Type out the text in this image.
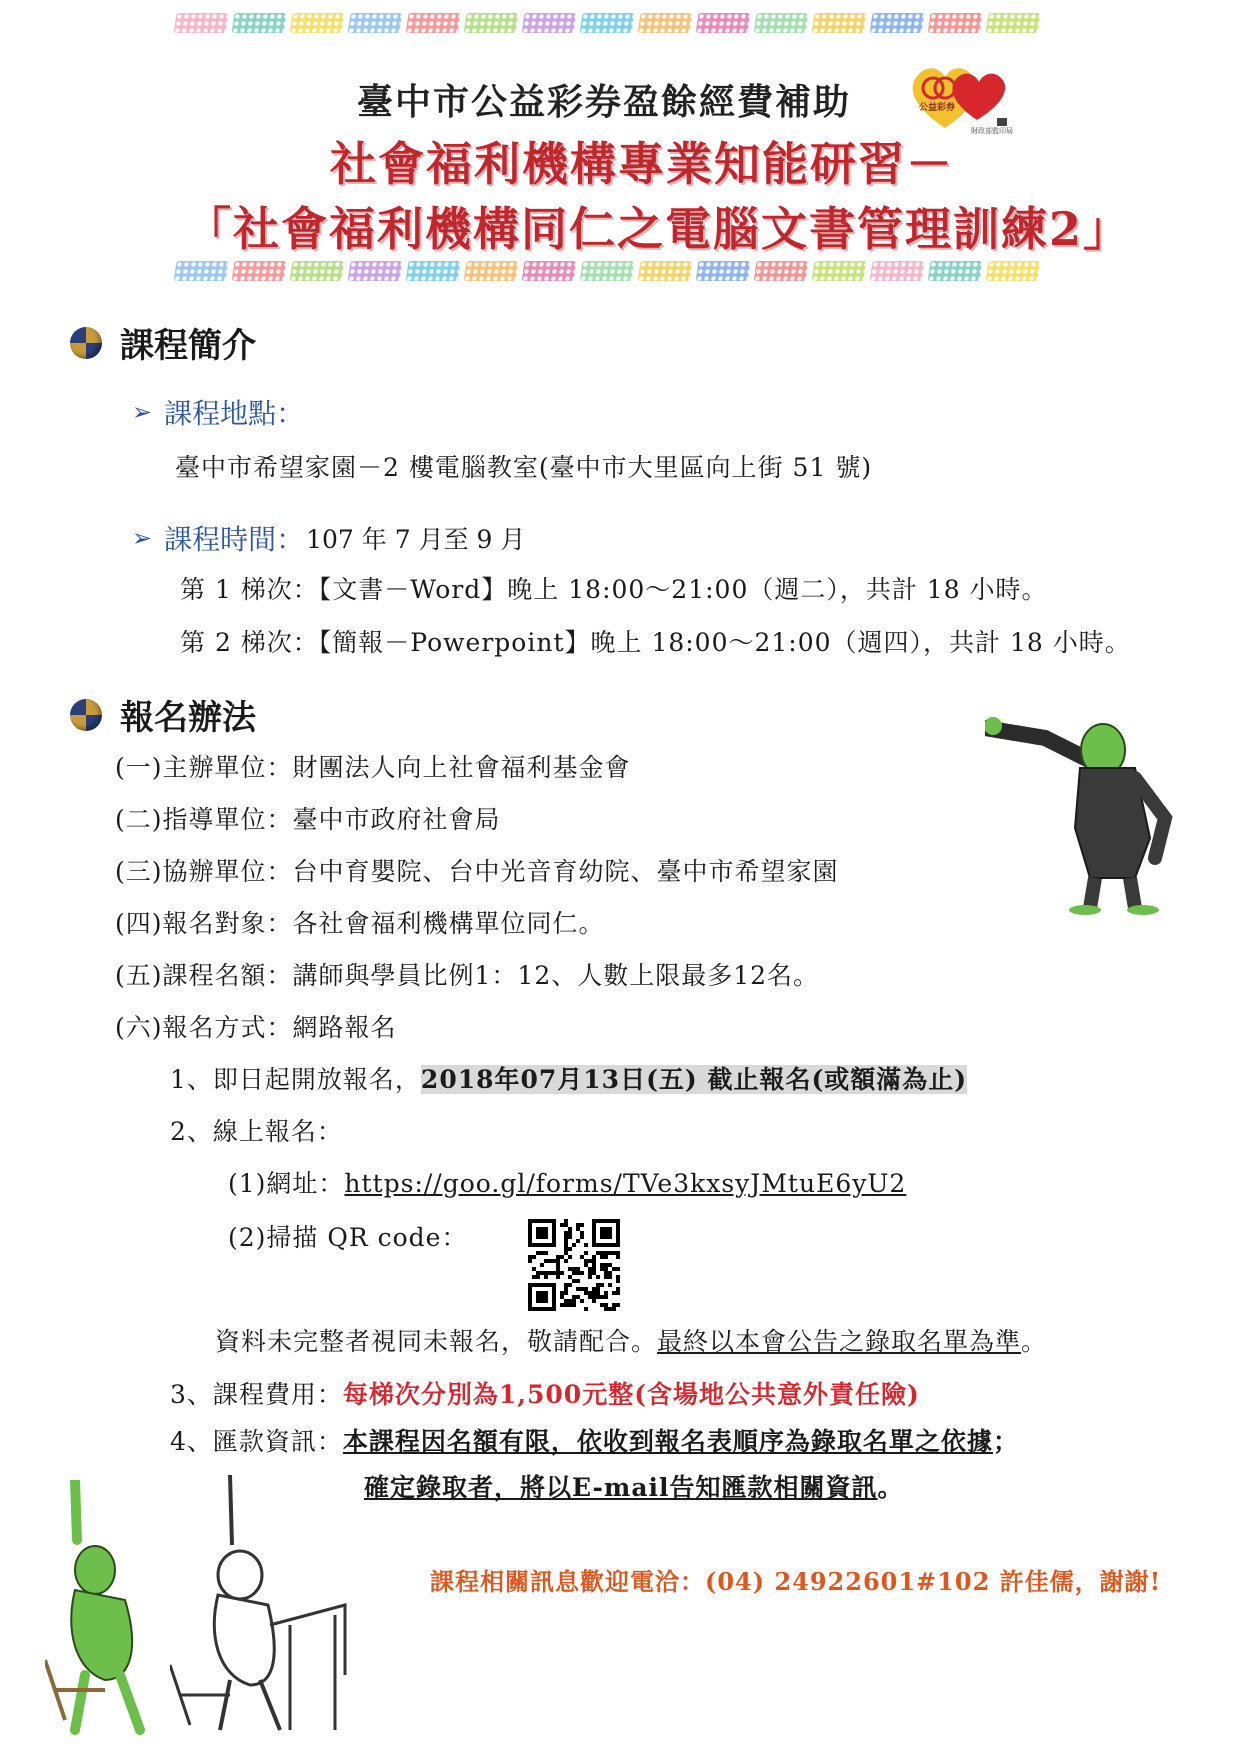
臺中市公益彩券盈餘經費補助	公益彩券
財政部監印局
社會福利機構專業知能研習－
「社會福利機構同仁之電腦文書管理訓練2」
課程簡介
➢ 課程地點：
臺中市希望家園－2 樓電腦教室(臺中市大里區向上街 51 號)
➢ 課程時間： 107 年 7 月至 9 月
第 1 梯次：【文書－Word】晚上 18:00～21:00（週二），共計 18 小時。
第 2 梯次：【簡報－Powerpoint】晚上 18:00～21:00（週四），共計 18 小時。
報名辦法
(一)主辦單位：財團法人向上社會福利基金會
(二)指導單位：臺中市政府社會局
(三)協辦單位：台中育嬰院、台中光音育幼院、臺中市希望家園
(四)報名對象：各社會福利機構單位同仁。
(五)課程名額：講師與學員比例1：12、人數上限最多12名。
(六)報名方式：網路報名
1、即日起開放報名，2018年07月13日(五) 截止報名(或額滿為止)
2、線上報名：
(1)網址：https://goo.gl/forms/TVe3kxsyJMtuE6yU2
(2)掃描 QR code：
資料未完整者視同未報名，敬請配合。最終以本會公告之錄取名單為準。
3、課程費用：每梯次分別為1,500元整(含場地公共意外責任險)
4、匯款資訊：本課程因名額有限，依收到報名表順序為錄取名單之依據；
確定錄取者，將以E-mail告知匯款相關資訊。
課程相關訊息歡迎電洽：(04) 24922601#102 許佳儒，謝謝!
